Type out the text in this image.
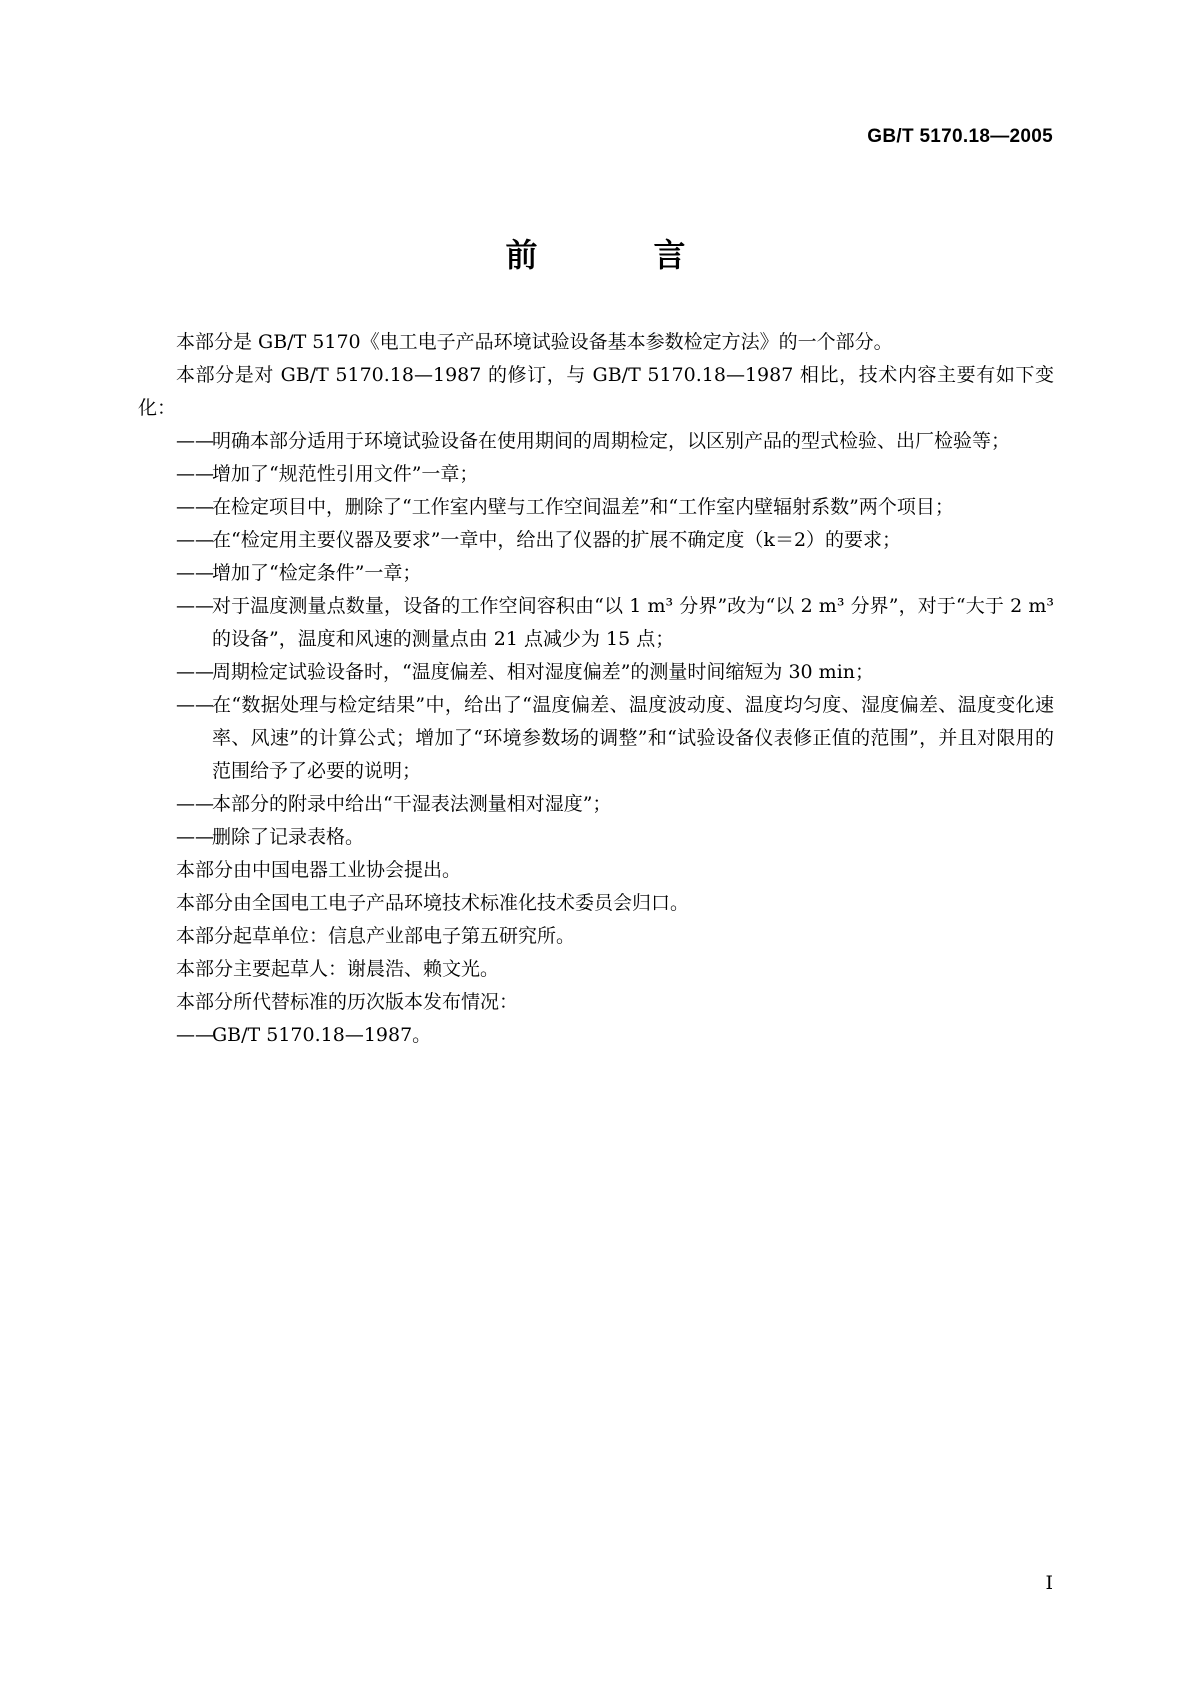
GB/T 5170.18—2005
前　言

本部分是 GB/T 5170《电工电子产品环境试验设备基本参数检定方法》的一个部分。

本部分是对 GB/T 5170.18—1987 的修订，与 GB/T 5170.18—1987 相比，技术内容主要有如下变化：

——
明确本部分适用于环境试验设备在使用期间的周期检定，以区别产品的型式检验、出厂检验等；
——
增加了“规范性引用文件”一章；
——
在检定项目中，删除了“工作室内壁与工作空间温差”和“工作室内壁辐射系数”两个项目；
——
在“检定用主要仪器及要求”一章中，给出了仪器的扩展不确定度（k＝2）的要求；
——
增加了“检定条件”一章；
——
对于温度测量点数量，设备的工作空间容积由“以 1 m³ 分界”改为“以 2 m³ 分界”，对于“大于 2 m³ 的设备”，温度和风速的测量点由 21 点减少为 15 点；
——
周期检定试验设备时，“温度偏差、相对湿度偏差”的测量时间缩短为 30 min；
——
在“数据处理与检定结果”中，给出了“温度偏差、温度波动度、温度均匀度、湿度偏差、温度变化速率、风速”的计算公式；增加了“环境参数场的调整”和“试验设备仪表修正值的范围”，并且对限用的范围给予了必要的说明；
——
本部分的附录中给出“干湿表法测量相对湿度”；
——
删除了记录表格。

本部分由中国电器工业协会提出。

本部分由全国电工电子产品环境技术标准化技术委员会归口。

本部分起草单位：信息产业部电子第五研究所。

本部分主要起草人：谢晨浩、赖文光。

本部分所代替标准的历次版本发布情况：

——
GB/T 5170.18—1987。
I
